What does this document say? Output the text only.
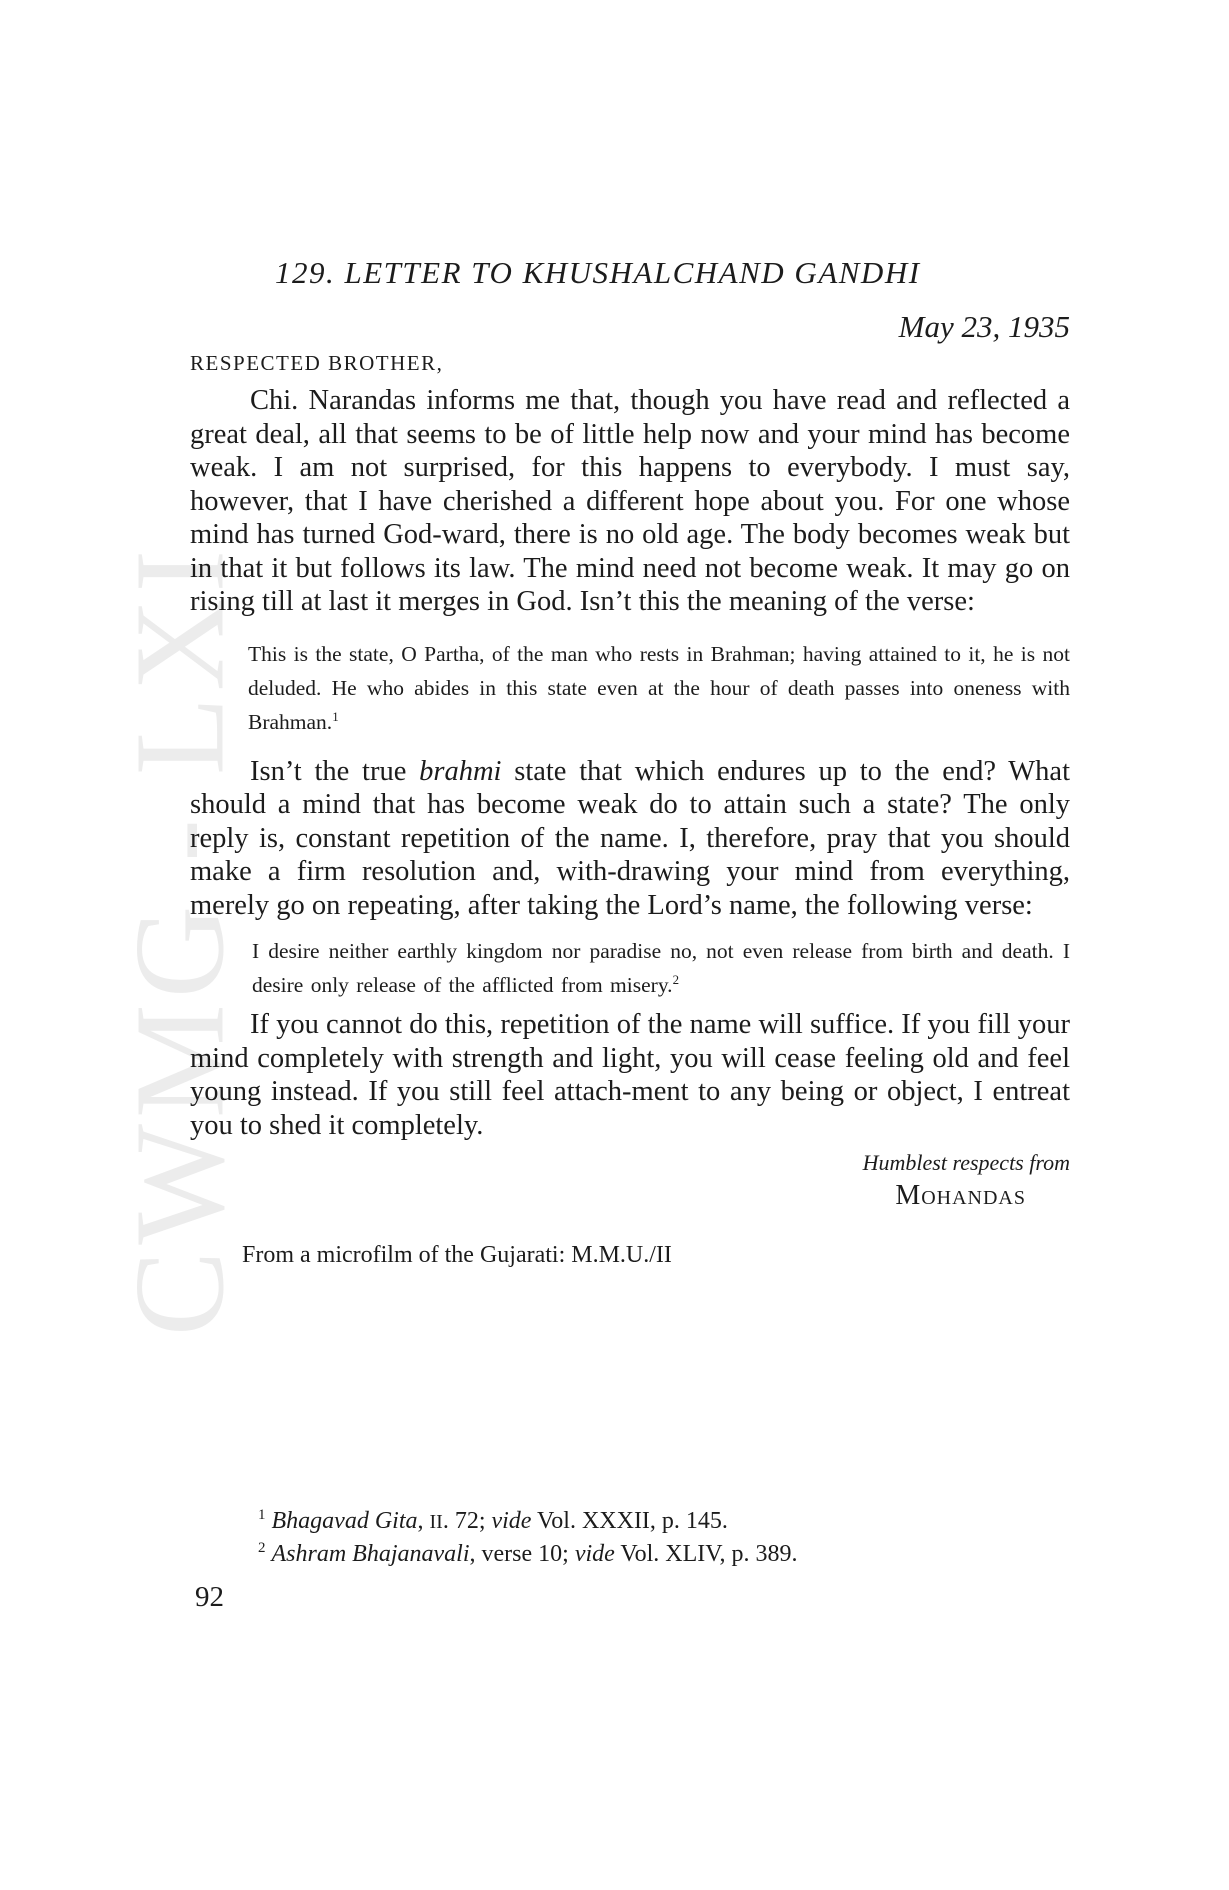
CWMG - LXI
129. LETTER TO KHUSHALCHAND GANDHI
May 23, 1935
RESPECTED BROTHER,

Chi. Narandas informs me that, though you have read and reflected a great deal, all that seems to be of little help now and your mind has become weak. I am not surprised, for this happens to everybody. I must say, however, that I have cherished a different hope about you. For one whose mind has turned God-ward, there is no old age. The body becomes weak but in that it but follows its law. The mind need not become weak. It may go on rising till at last it merges in God. Isn’t this the meaning of the verse:

This is the state, O Partha, of the man who rests in Brahman; having attained to it, he is not deluded. He who abides in this state even at the hour of death passes into oneness with Brahman.$^1$

Isn’t the true brahmi state that which endures up to the end? What should a mind that has become weak do to attain such a state? The only reply is, constant repetition of the name. I, therefore, pray that you should make a firm resolution and, with-drawing your mind from everything, merely go on repeating, after taking the Lord’s name, the following verse:

I desire neither earthly kingdom nor paradise no, not even release from birth and death. I desire only release of the afflicted from misery.$^2$

If you cannot do this, repetition of the name will suffice. If you fill your mind completely with strength and light, you will cease feeling old and feel young instead. If you still feel attach-ment to any being or object, I entreat you to shed it completely.

Humblest respects from
Mohandas
From a microfilm of the Gujarati: M.M.U./II
$^1$ Bhagavad Gita, II. 72; vide Vol. XXXII, p. 145.
$^2$ Ashram Bhajanavali, verse 10; vide Vol. XLIV, p. 389.
92
